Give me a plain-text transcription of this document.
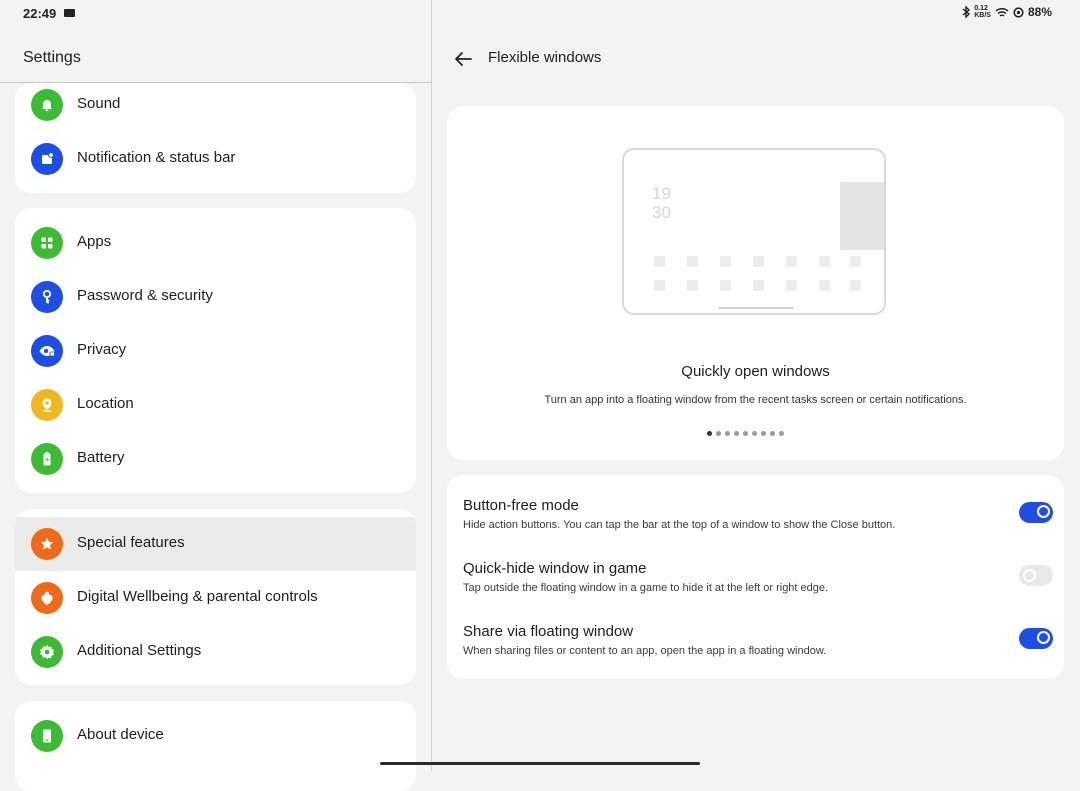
22:49	0.12
KB/S	88%
Settings
Sound
Notification & status bar
Apps
Password & security
Privacy
Location
Battery
Special features
Digital Wellbeing & parental controls
Additional Settings
About device
Flexible windows
19
30
Quickly open windows
Turn an app into a floating window from the recent tasks screen or certain notifications.
Button-free mode
Hide action buttons. You can tap the bar at the top of a window to show the Close button.
Quick-hide window in game
Tap outside the floating window in a game to hide it at the left or right edge.
Share via floating window
When sharing files or content to an app, open the app in a floating window.
